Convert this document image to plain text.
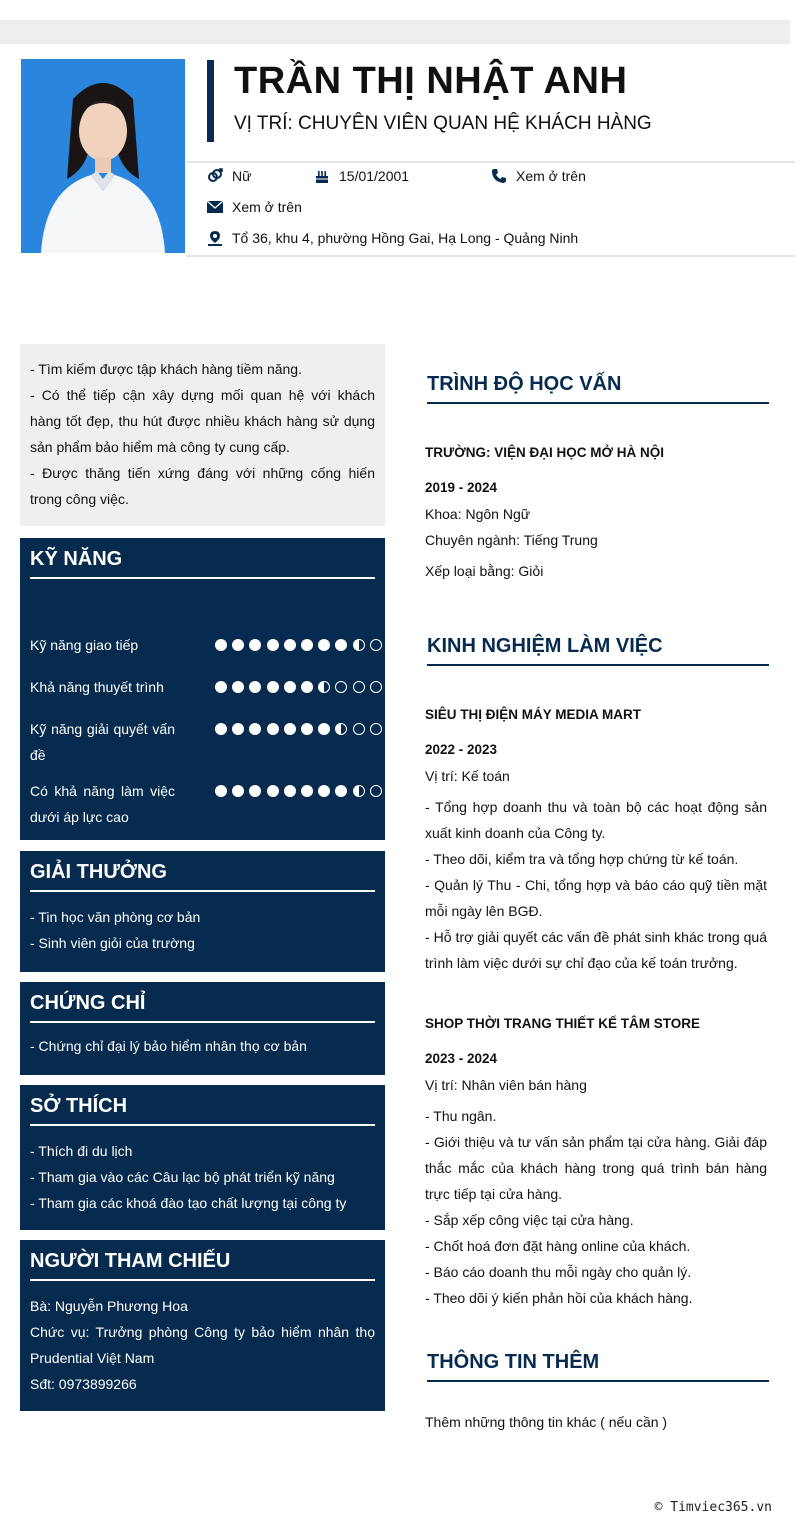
TRẦN THỊ NHẬT ANH
VỊ TRÍ: CHUYÊN VIÊN QUAN HỆ KHÁCH HÀNG
Nữ	15/01/2001	Xem ở trên
Xem ở trên
Tổ 36, khu 4, phường Hồng Gai, Hạ Long - Quảng Ninh

- Tìm kiếm được tập khách hàng tiềm năng.

- Có thể tiếp cận xây dựng mối quan hệ với khách hàng tốt đẹp, thu hút được nhiều khách hàng sử dụng sản phẩm bảo hiểm mà công ty cung cấp.

- Được thăng tiến xứng đáng với những cống hiến trong công việc.

KỸ NĂNG
Kỹ năng giao tiếp
Khả năng thuyết trình
Kỹ năng giải quyết vấn đề
Có khả năng làm việc dưới áp lực cao
GIẢI THƯỞNG

- Tin học văn phòng cơ bản

- Sinh viên giỏi của trường

CHỨNG CHỈ

- Chứng chỉ đại lý bảo hiểm nhân thọ cơ bản

SỞ THÍCH

- Thích đi du lịch

- Tham gia vào các Câu lạc bộ phát triển kỹ năng

- Tham gia các khoá đào tạo chất lượng tại công ty

NGƯỜI THAM CHIẾU

Bà: Nguyễn Phương Hoa

Chức vụ: Trưởng phòng Công ty bảo hiểm nhân thọ Prudential Việt Nam

Sđt: 0973899266

TRÌNH ĐỘ HỌC VẤN
TRƯỜNG: VIỆN ĐẠI HỌC MỞ HÀ NỘI
2019 - 2024
Khoa: Ngôn Ngữ
Chuyên ngành: Tiếng Trung
Xếp loại bằng: Giỏi
KINH NGHIỆM LÀM VIỆC
SIÊU THỊ ĐIỆN MÁY MEDIA MART
2022 - 2023
Vị trí: Kế toán
- Tổng hợp doanh thu và toàn bộ các hoạt động sản xuất kinh doanh của Công ty.
- Theo dõi, kiểm tra và tổng hợp chứng từ kế toán.
- Quản lý Thu - Chi, tổng hợp và báo cáo quỹ tiền mặt mỗi ngày lên BGĐ.
- Hỗ trợ giải quyết các vấn đề phát sinh khác trong quá trình làm việc dưới sự chỉ đạo của kế toán trưởng.
SHOP THỜI TRANG THIẾT KẾ TÂM STORE
2023 - 2024
Vị trí: Nhân viên bán hàng
- Thu ngân.
- Giới thiệu và tư vấn sản phẩm tại cửa hàng. Giải đáp thắc mắc của khách hàng trong quá trình bán hàng trực tiếp tại cửa hàng.
- Sắp xếp công việc tại cửa hàng.
- Chốt hoá đơn đặt hàng online của khách.
- Báo cáo doanh thu mỗi ngày cho quản lý.
- Theo dõi ý kiến phản hồi của khách hàng.
THÔNG TIN THÊM
Thêm những thông tin khác ( nếu cần )
© Timviec365.vn
